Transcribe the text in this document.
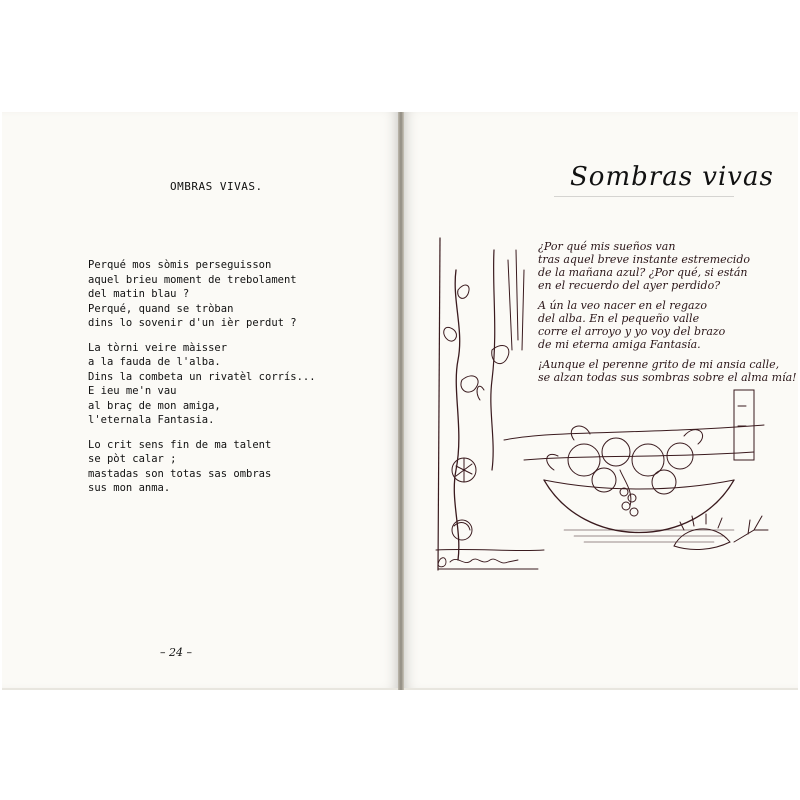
OMBRAS VIVAS.
Perqué mos sòmis perseguisson
aquel brieu moment de trebolament
del matin blau ?
Perqué, quand se tròban
dins lo sovenir d'un ièr perdut ?
La tòrni veire màisser
a la fauda de l'alba.
Dins la combeta un rivatèl corrís...
E ieu me'n vau
al braç de mon amiga,
l'eternala Fantasia.
Lo crit sens fin de ma talent
se pòt calar ;
mastadas son totas sas ombras
sus mon anma.
– 24 –
Sombras vivas
¿Por qué mis sueños van
tras aquel breve instante estremecido
de la mañana azul? ¿Por qué, si están
en el recuerdo del ayer perdido?
A ún la veo nacer en el regazo
del alba. En el pequeño valle
corre el arroyo y yo voy del brazo
de mi eterna amiga Fantasía.
¡Aunque el perenne grito de mi ansia calle,
se alzan todas sus sombras sobre el alma mía!
